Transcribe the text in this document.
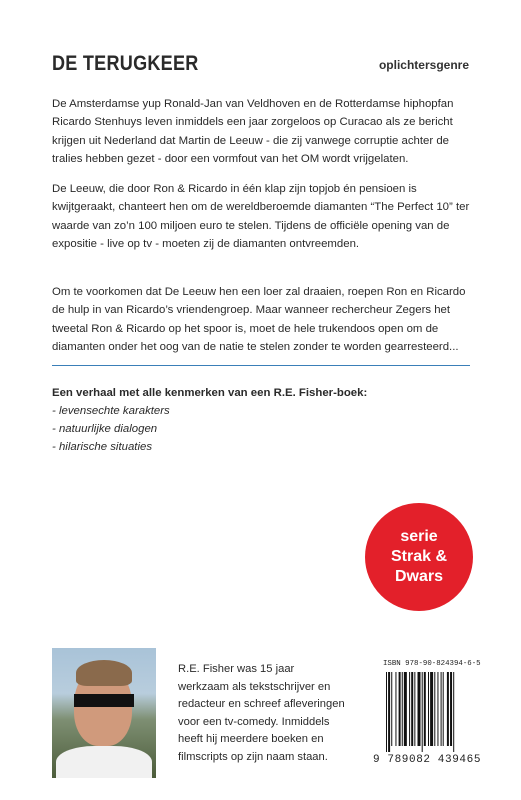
DE TERUGKEER	oplichtersgenre
De Amsterdamse yup Ronald-Jan van Veldhoven en de Rotterdamse hiphopfan Ricardo Stenhuys leven inmiddels een jaar zorgeloos op Curacao als ze bericht krijgen uit Nederland dat Martin de Leeuw - die zij vanwege corruptie achter de tralies hebben gezet - door een vormfout van het OM wordt vrijgelaten.
De Leeuw, die door Ron & Ricardo in één klap zijn topjob én pensioen is kwijtgeraakt, chanteert hen om de wereldberoemde diamanten “The Perfect 10” ter waarde van zo’n 100 miljoen euro te stelen. Tijdens de officiële opening van de expositie - live op tv - moeten zij de diamanten ontvreemden.
Om te voorkomen dat De Leeuw hen een loer zal draaien, roepen Ron en Ricardo de hulp in van Ricardo’s vriendengroep. Maar wanneer rechercheur Zegers het tweetal Ron & Ricardo op het spoor is, moet de hele trukendoos open om de diamanten onder het oog van de natie te stelen zonder te worden gearresteerd...
Een verhaal met alle kenmerken van een R.E. Fisher-boek:
- levensechte karakters
- natuurlijke dialogen
- hilarische situaties
serie
Strak &
Dwars
R.E. Fisher was 15 jaar werkzaam als tekstschrijver en redacteur en schreef afleveringen voor een tv-comedy. Inmiddels heeft hij meerdere boeken en filmscripts op zijn naam staan.
ISBN 978-90-824394-6-5
9 789082 439465
